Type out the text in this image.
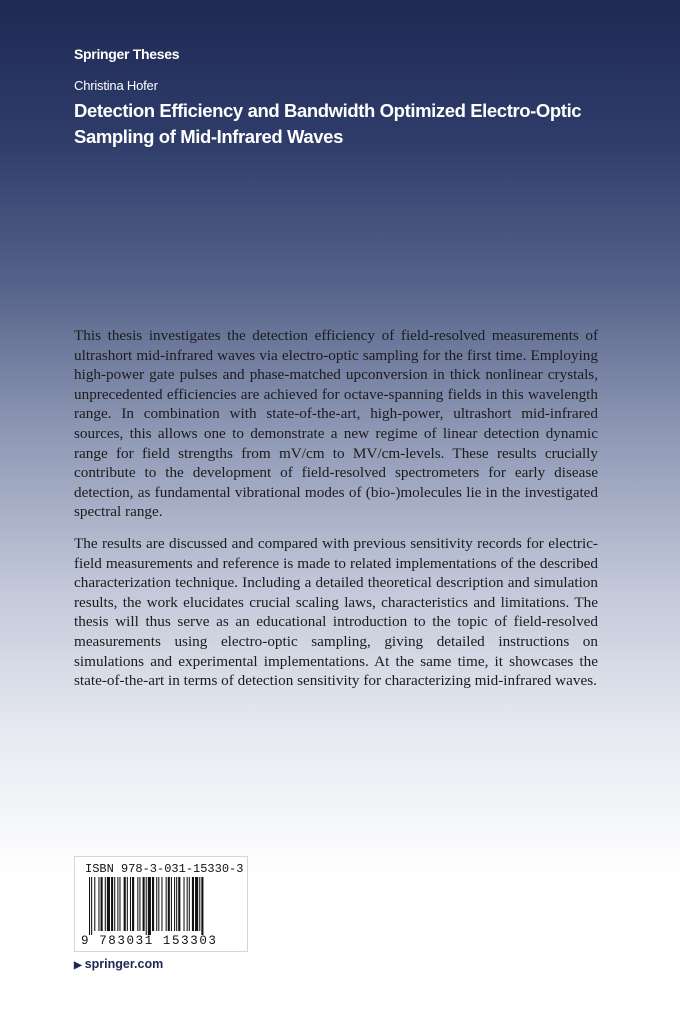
Springer Theses
Christina Hofer
Detection Efficiency and Bandwidth Optimized Electro-Optic
Sampling of Mid-Infrared Waves

This thesis investigates the detection efficiency of field-resolved measurements of ultrashort mid-infrared waves via electro-optic sampling for the first time. Employing high-power gate pulses and phase-matched upconversion in thick nonlinear crystals, unprecedented efficiencies are achieved for octave-spanning fields in this wavelength range. In combination with state-of-the-art, high-power, ultrashort mid-infrared sources, this allows one to demonstrate a new regime of linear detection dynamic range for field strengths from mV/cm to MV/cm-levels. These results crucially contribute to the development of field-resolved spectrometers for early disease detection, as fundamental vibrational modes of (bio-)molecules lie in the investigated spectral range.

The results are discussed and compared with previous sensitivity records for electric-field measurements and reference is made to related implementations of the described characterization technique. Including a detailed theoretical description and simulation results, the work elucidates crucial scaling laws, characteristics and limitations. The thesis will thus serve as an educational introduction to the topic of field-resolved measurements using electro-optic sampling, giving detailed instructions on simulations and experimental implementations. At the same time, it showcases the state-of-the-art in terms of detection sensitivity for characterizing mid-infrared waves.

ISBN 978-3-031-15330-3
9 783031 153303
▶ springer.com
